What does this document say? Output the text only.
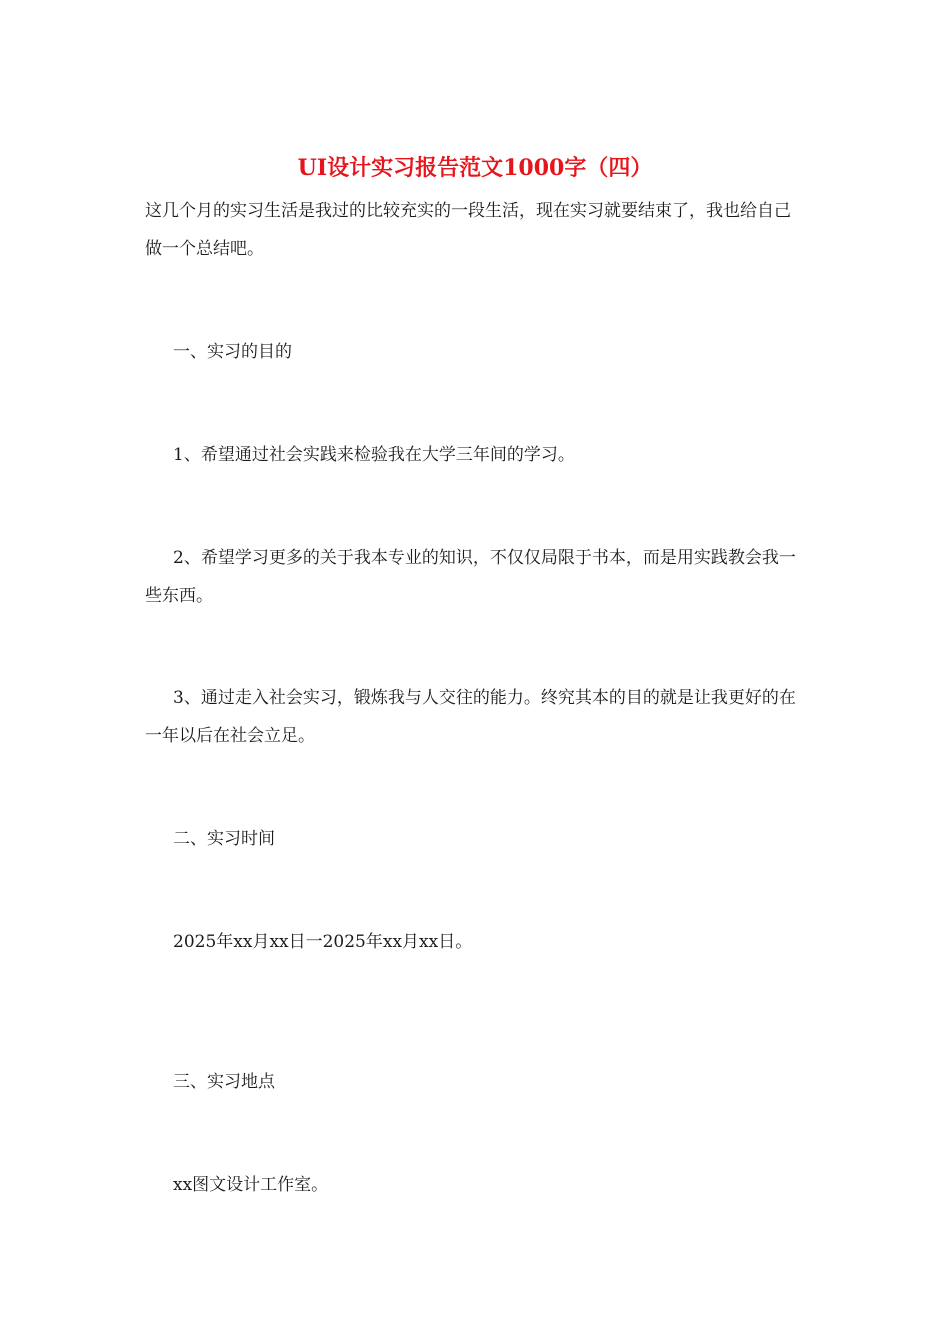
UI设计实习报告范文1000字（四）

这几个月的实习生活是我过的比较充实的一段生活，现在实习就要结束了，我也给自己做一个总结吧。

一、实习的目的

1、希望通过社会实践来检验我在大学三年间的学习。

2、希望学习更多的关于我本专业的知识，不仅仅局限于书本，而是用实践教会我一些东西。

3、通过走入社会实习，锻炼我与人交往的能力。终究其本的目的就是让我更好的在一年以后在社会立足。

二、实习时间

2025年xx月xx日一2025年xx月xx日。

三、实习地点

xx图文设计工作室。
